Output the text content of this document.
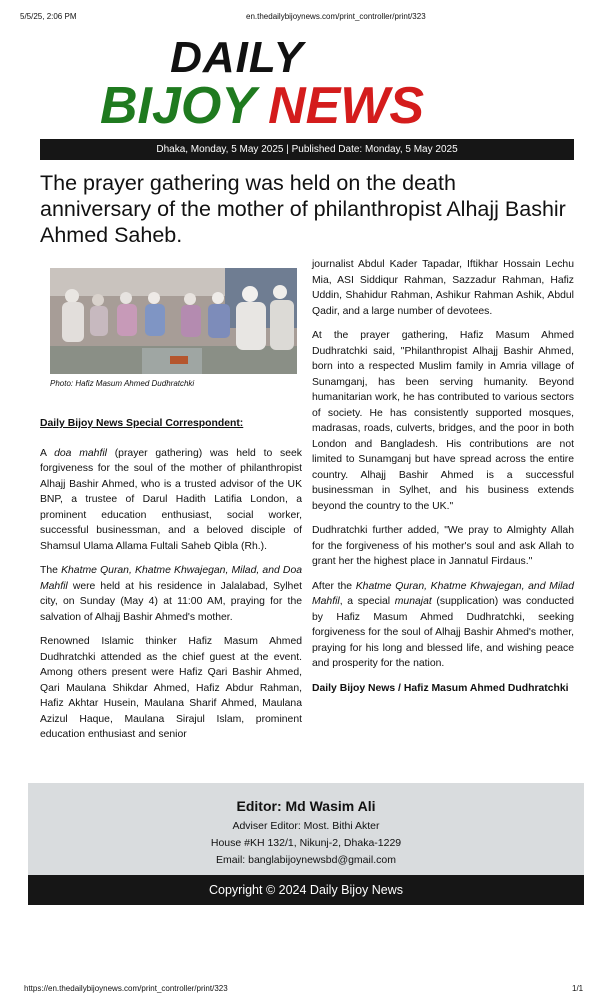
5/5/25, 2:06 PM	en.thedailybijoynews.com/print_controller/print/323
DAILY
BIJOY NEWS
Dhaka, Monday, 5 May 2025 | Published Date: Monday, 5 May 2025
The prayer gathering was held on the death anniversary of the mother of philanthropist Alhajj Bashir Ahmed Saheb.
Photo: Hafiz Masum Ahmed Dudhratchki

Daily Bijoy News Special Correspondent:

A doa mahfil (prayer gathering) was held to seek forgiveness for the soul of the mother of philanthropist Alhajj Bashir Ahmed, who is a trusted advisor of the UK BNP, a trustee of Darul Hadith Latifia London, a prominent education enthusiast, social worker, successful businessman, and a beloved disciple of Shamsul Ulama Allama Fultali Saheb Qibla (Rh.).

The Khatme Quran, Khatme Khwajegan, Milad, and Doa Mahfil were held at his residence in Jalalabad, Sylhet city, on Sunday (May 4) at 11:00 AM, praying for the salvation of Alhajj Bashir Ahmed's mother.

Renowned Islamic thinker Hafiz Masum Ahmed Dudhratchki attended as the chief guest at the event. Among others present were Hafiz Qari Bashir Ahmed, Qari Maulana Shikdar Ahmed, Hafiz Abdur Rahman, Hafiz Akhtar Husein, Maulana Sharif Ahmed, Maulana Azizul Haque, Maulana Sirajul Islam, prominent education enthusiast and senior

journalist Abdul Kader Tapadar, Iftikhar Hossain Lechu Mia, ASI Siddiqur Rahman, Sazzadur Rahman, Hafiz Uddin, Shahidur Rahman, Ashikur Rahman Ashik, Abdul Qadir, and a large number of devotees.

At the prayer gathering, Hafiz Masum Ahmed Dudhratchki said, "Philanthropist Alhajj Bashir Ahmed, born into a respected Muslim family in Amria village of Sunamganj, has been serving humanity. Beyond humanitarian work, he has contributed to various sectors of society. He has consistently supported mosques, madrasas, roads, culverts, bridges, and the poor in both London and Bangladesh. His contributions are not limited to Sunamganj but have spread across the entire country. Alhajj Bashir Ahmed is a successful businessman in Sylhet, and his business extends beyond the country to the UK."

Dudhratchki further added, "We pray to Almighty Allah for the forgiveness of his mother's soul and ask Allah to grant her the highest place in Jannatul Firdaus."

After the Khatme Quran, Khatme Khwajegan, and Milad Mahfil, a special munajat (supplication) was conducted by Hafiz Masum Ahmed Dudhratchki, seeking forgiveness for the soul of Alhajj Bashir Ahmed's mother, praying for his long and blessed life, and wishing peace and prosperity for the nation.

Daily Bijoy News / Hafiz Masum Ahmed Dudhratchki

Editor: Md Wasim Ali
Adviser Editor: Most. Bithi Akter
House #KH 132/1, Nikunj-2, Dhaka-1229
Email: banglabijoynewsbd@gmail.com
Copyright © 2024 Daily Bijoy News
https://en.thedailybijoynews.com/print_controller/print/323	1/1
